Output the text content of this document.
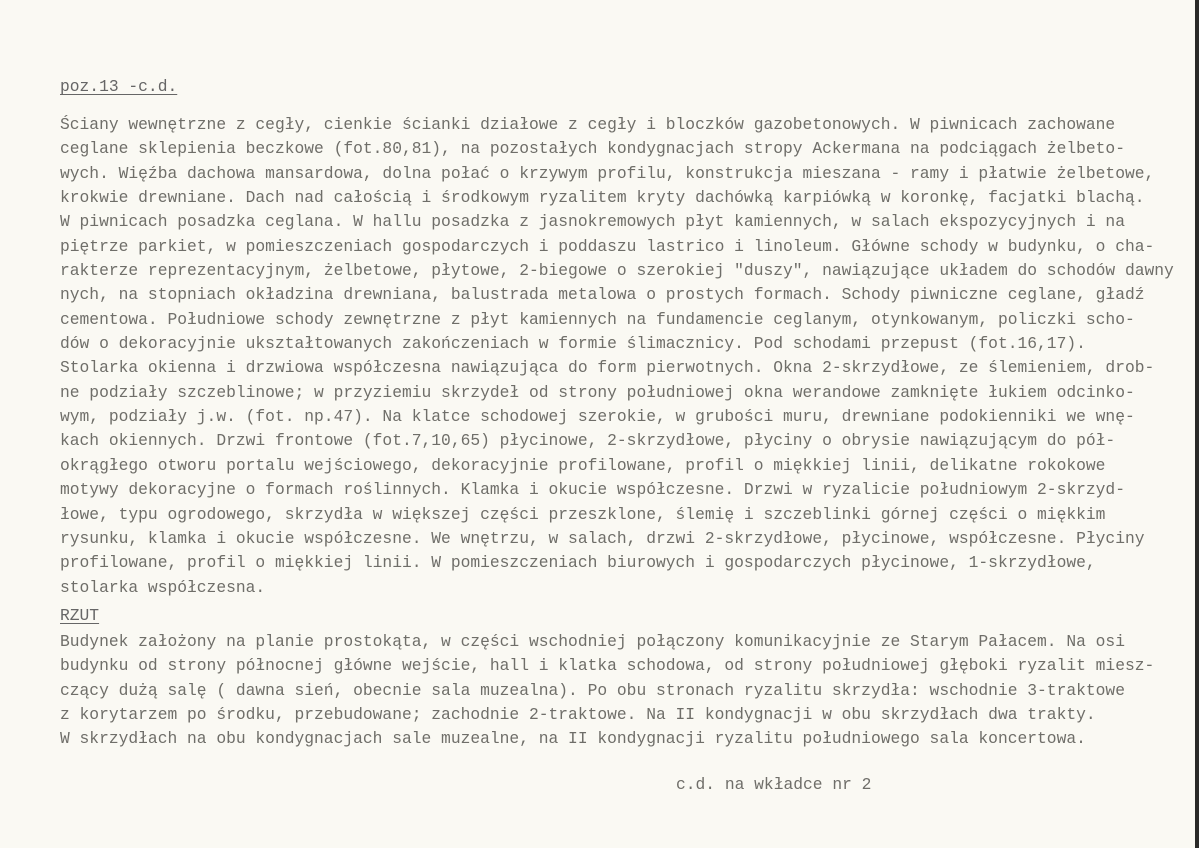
poz.13 -c.d.
Ściany wewnętrzne z cegły, cienkie ścianki działowe z cegły i bloczków gazobetonowych. W piwnicach zachowane
ceglane sklepienia beczkowe (fot.80,81), na pozostałych kondygnacjach stropy Ackermana na podciągach żelbeto-
wych. Więźba dachowa mansardowa, dolna połać o krzywym profilu, konstrukcja mieszana - ramy i płatwie żelbetowe,
krokwie drewniane. Dach nad całością i środkowym ryzalitem kryty dachówką karpiówką w koronkę, facjatki blachą.
W piwnicach posadzka ceglana. W hallu posadzka z jasnokremowych płyt kamiennych, w salach ekspozycyjnych i na
piętrze parkiet, w pomieszczeniach gospodarczych i poddaszu lastrico i linoleum. Główne schody w budynku, o cha-
rakterze reprezentacyjnym, żelbetowe, płytowe, 2-biegowe o szerokiej "duszy", nawiązujące układem do schodów dawny
nych, na stopniach okładzina drewniana, balustrada metalowa o prostych formach. Schody piwniczne ceglane, gładź
cementowa. Południowe schody zewnętrzne z płyt kamiennych na fundamencie ceglanym, otynkowanym, policzki scho-
dów o dekoracyjnie ukształtowanych zakończeniach w formie ślimacznicy. Pod schodami przepust (fot.16,17).
Stolarka okienna i drzwiowa współczesna nawiązująca do form pierwotnych. Okna 2-skrzydłowe, ze ślemieniem, drob-
ne podziały szczeblinowe; w przyziemiu skrzydeł od strony południowej okna werandowe zamknięte łukiem odcinko-
wym, podziały j.w. (fot. np.47). Na klatce schodowej szerokie, w grubości muru, drewniane podokienniki we wnę-
kach okiennych. Drzwi frontowe (fot.7,10,65) płycinowe, 2-skrzydłowe, płyciny o obrysie nawiązującym do pół-
okrągłego otworu portalu wejściowego, dekoracyjnie profilowane, profil o miękkiej linii, delikatne rokokowe
motywy dekoracyjne o formach roślinnych. Klamka i okucie współczesne. Drzwi w ryzalicie południowym 2-skrzyd-
łowe, typu ogrodowego, skrzydła w większej części przeszklone, ślemię i szczeblinki górnej części o miękkim
rysunku, klamka i okucie współczesne. We wnętrzu, w salach, drzwi 2-skrzydłowe, płycinowe, współczesne. Płyciny
profilowane, profil o miękkiej linii. W pomieszczeniach biurowych i gospodarczych płycinowe, 1-skrzydłowe,
stolarka współczesna.
RZUT
Budynek założony na planie prostokąta, w części wschodniej połączony komunikacyjnie ze Starym Pałacem. Na osi
budynku od strony północnej główne wejście, hall i klatka schodowa, od strony południowej głęboki ryzalit miesz-
czący dużą salę ( dawna sień, obecnie sala muzealna). Po obu stronach ryzalitu skrzydła: wschodnie 3-traktowe
z korytarzem po środku, przebudowane; zachodnie 2-traktowe. Na II kondygnacji w obu skrzydłach dwa trakty.
W skrzydłach na obu kondygnacjach sale muzealne, na II kondygnacji ryzalitu południowego sala koncertowa.
c.d. na wkładce nr 2
